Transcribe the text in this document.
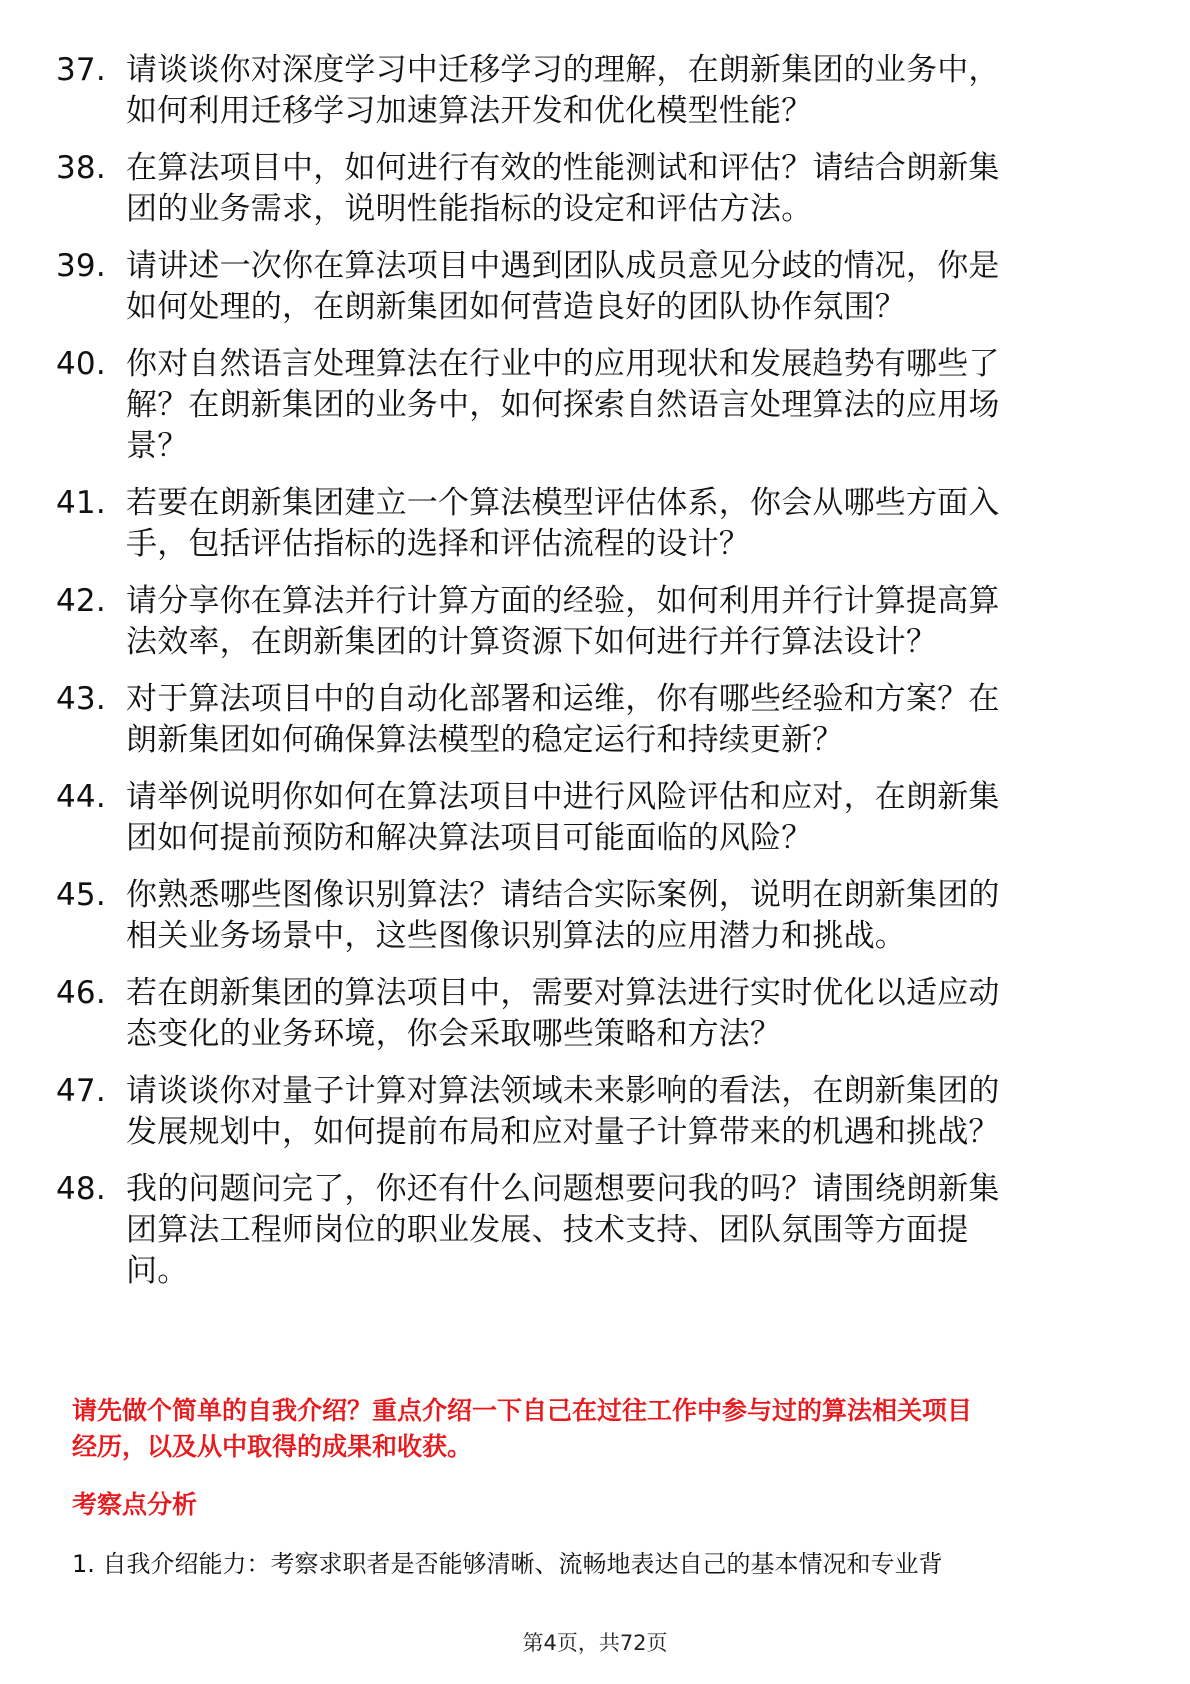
37. 请谈谈你对深度学习中迁移学习的理解，在朗新集团的业务中，
如何利用迁移学习加速算法开发和优化模型性能？
38. 在算法项目中，如何进行有效的性能测试和评估？请结合朗新集
团的业务需求，说明性能指标的设定和评估方法。
39. 请讲述一次你在算法项目中遇到团队成员意见分歧的情况，你是
如何处理的，在朗新集团如何营造良好的团队协作氛围？
40. 你对自然语言处理算法在行业中的应用现状和发展趋势有哪些了
解？在朗新集团的业务中，如何探索自然语言处理算法的应用场
景？
41. 若要在朗新集团建立一个算法模型评估体系，你会从哪些方面入
手，包括评估指标的选择和评估流程的设计？
42. 请分享你在算法并行计算方面的经验，如何利用并行计算提高算
法效率，在朗新集团的计算资源下如何进行并行算法设计？
43. 对于算法项目中的自动化部署和运维，你有哪些经验和方案？在
朗新集团如何确保算法模型的稳定运行和持续更新？
44. 请举例说明你如何在算法项目中进行风险评估和应对，在朗新集
团如何提前预防和解决算法项目可能面临的风险？
45. 你熟悉哪些图像识别算法？请结合实际案例，说明在朗新集团的
相关业务场景中，这些图像识别算法的应用潜力和挑战。
46. 若在朗新集团的算法项目中，需要对算法进行实时优化以适应动
态变化的业务环境，你会采取哪些策略和方法？
47. 请谈谈你对量子计算对算法领域未来影响的看法，在朗新集团的
发展规划中，如何提前布局和应对量子计算带来的机遇和挑战？
48. 我的问题问完了，你还有什么问题想要问我的吗？请围绕朗新集
团算法工程师岗位的职业发展、技术支持、团队氛围等方面提
问。
请先做个简单的自我介绍？重点介绍一下自己在过往工作中参与过的算法相关项目
经历，以及从中取得的成果和收获。
考察点分析
1. 自我介绍能力：考察求职者是否能够清晰、流畅地表达自己的基本情况和专业背
第4页，共72页
